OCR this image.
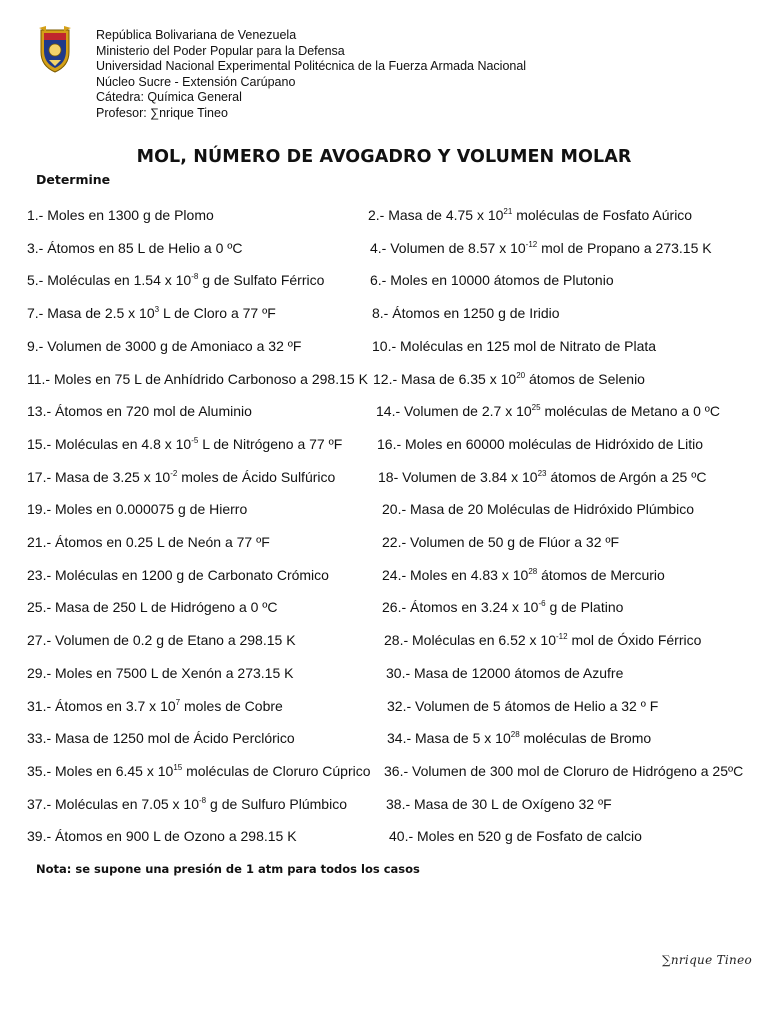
República Bolivariana de Venezuela
Ministerio del Poder Popular para la Defensa
Universidad Nacional Experimental Politécnica de la Fuerza Armada Nacional
Núcleo Sucre - Extensión Carúpano
Cátedra: Química General
Profesor: ∑nrique Tineo
MOL, NÚMERO DE AVOGADRO Y VOLUMEN MOLAR
Determine
1.- Moles en 1300 g de Plomo
3.- Átomos en 85 L de Helio a 0 ºC
5.- Moléculas en 1.54 x $10^{-8}$ g de Sulfato Férrico
7.- Masa de 2.5 x $10^3$ L de Cloro a 77 ºF
9.- Volumen de 3000 g de Amoniaco a 32 ºF
11.- Moles en 75 L de Anhídrido Carbonoso a 298.15 K
13.- Átomos en 720 mol de Aluminio
15.- Moléculas en 4.8 x $10^{-5}$ L de Nitrógeno a 77 ºF
17.- Masa de 3.25 x $10^{-2}$ moles de Ácido Sulfúrico
19.- Moles en 0.000075 g de Hierro
21.- Átomos en 0.25 L de Neón a 77 ºF
23.- Moléculas en 1200 g de Carbonato Crómico
25.- Masa de 250 L de Hidrógeno a 0 ºC
27.- Volumen de 0.2 g de Etano a 298.15 K
29.- Moles en 7500 L de Xenón a 273.15 K
31.- Átomos en 3.7 x $10^7$ moles de Cobre
33.- Masa de 1250 mol de Ácido Perclórico
35.- Moles en 6.45 x $10^{15}$ moléculas de Cloruro Cúprico
37.- Moléculas en 7.05 x $10^{-8}$ g de Sulfuro Plúmbico
39.- Átomos en 900 L de Ozono a 298.15 K
2.- Masa de 4.75 x $10^{21}$ moléculas de Fosfato Aúrico
4.- Volumen de 8.57 x $10^{-12}$ mol de Propano a 273.15 K
6.- Moles en 10000 átomos de Plutonio
8.- Átomos en 1250 g de Iridio
10.- Moléculas en 125 mol de Nitrato de Plata
12.- Masa de 6.35 x $10^{20}$ átomos de Selenio
14.- Volumen de 2.7 x $10^{25}$ moléculas de Metano a 0 ºC
16.- Moles en 60000 moléculas de Hidróxido de Litio
18- Volumen de 3.84 x $10^{23}$ átomos de Argón a 25 ºC
20.- Masa de 20 Moléculas de Hidróxido Plúmbico
22.- Volumen de 50 g de Flúor a 32 ºF
24.- Moles en 4.83 x $10^{28}$ átomos de Mercurio
26.- Átomos en 3.24 x $10^{-6}$ g de Platino
28.- Moléculas en 6.52 x $10^{-12}$ mol de Óxido Férrico
30.- Masa de 12000 átomos de Azufre
32.- Volumen de 5 átomos de Helio a 32 º F
34.- Masa de 5 x $10^{28}$ moléculas de Bromo
36.- Volumen de 300 mol de Cloruro de Hidrógeno a 25ºC
38.- Masa de 30 L de Oxígeno 32 ºF
40.- Moles en 520 g de Fosfato de calcio
Nota: se supone una presión de 1 atm para todos los casos
∑nrique Tineo
